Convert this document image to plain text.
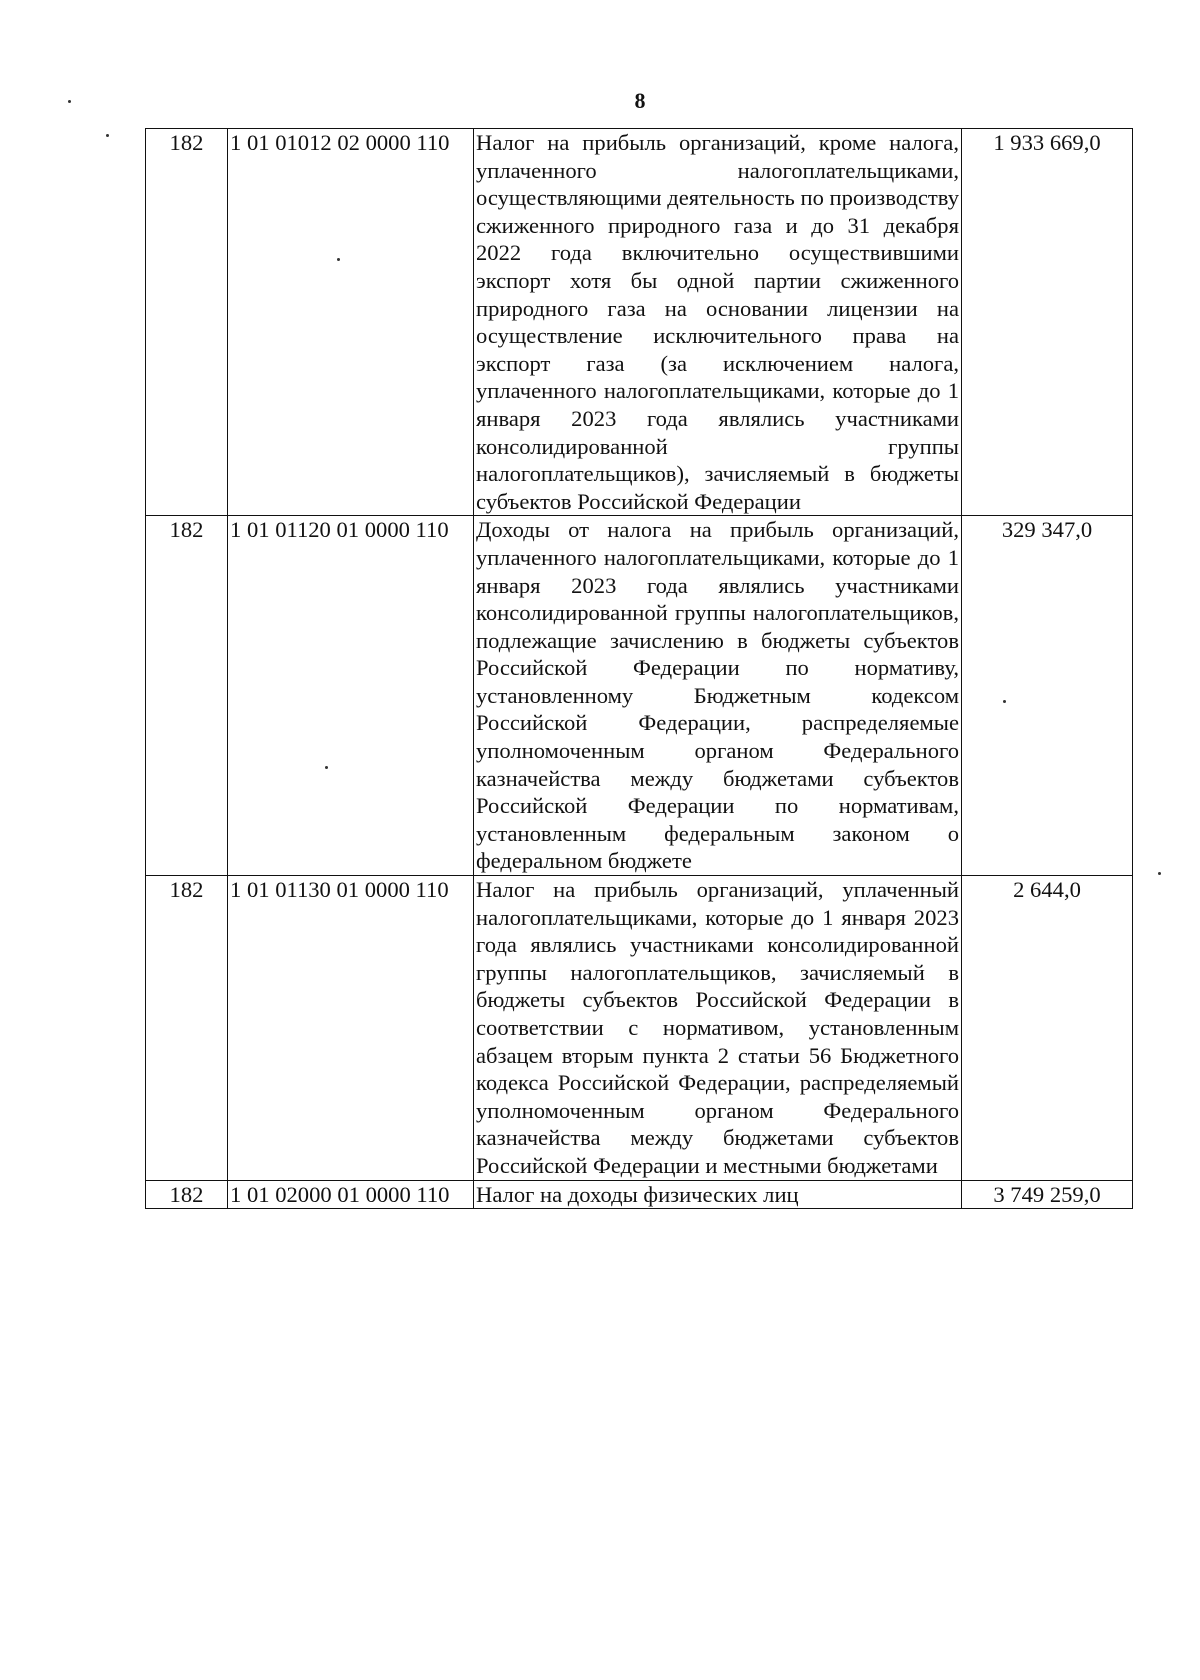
8
182	1 01 01012 02 0000 110	Налог на прибыль организаций, кроме налога, уплаченного налогоплательщиками, осуществляющими деятельность по производству сжиженного природного газа и до 31 декабря 2022 года включительно осуществившими экспорт хотя бы одной партии сжиженного природного газа на основании лицензии на осуществление исключительного права на экспорт газа (за исключением налога, уплаченного налогоплательщиками, которые до 1 января 2023 года являлись участниками консолидированной группы налогоплательщиков), зачисляемый в бюджеты субъектов Российской Федерации	1 933 669,0
182	1 01 01120 01 0000 110	Доходы от налога на прибыль организаций, уплаченного налогоплательщиками, которые до 1 января 2023 года являлись участниками консолидированной группы налогоплательщиков, подлежащие зачислению в бюджеты субъектов Российской Федерации по нормативу, установленному Бюджетным кодексом Российской Федерации, распределяемые уполномоченным органом Федерального казначейства между бюджетами субъектов Российской Федерации по нормативам, установленным федеральным законом о федеральном бюджете	329 347,0
182	1 01 01130 01 0000 110	Налог на прибыль организаций, уплаченный налогоплательщиками, которые до 1 января 2023 года являлись участниками консолидированной группы налогоплательщиков, зачисляемый в бюджеты субъектов Российской Федерации в соответствии с нормативом, установленным абзацем вторым пункта 2 статьи 56 Бюджетного кодекса Российской Федерации, распределяемый уполномоченным органом Федерального казначейства между бюджетами субъектов Российской Федерации и местными бюджетами	2 644,0
182	1 01 02000 01 0000 110	Налог на доходы физических лиц	3 749 259,0
